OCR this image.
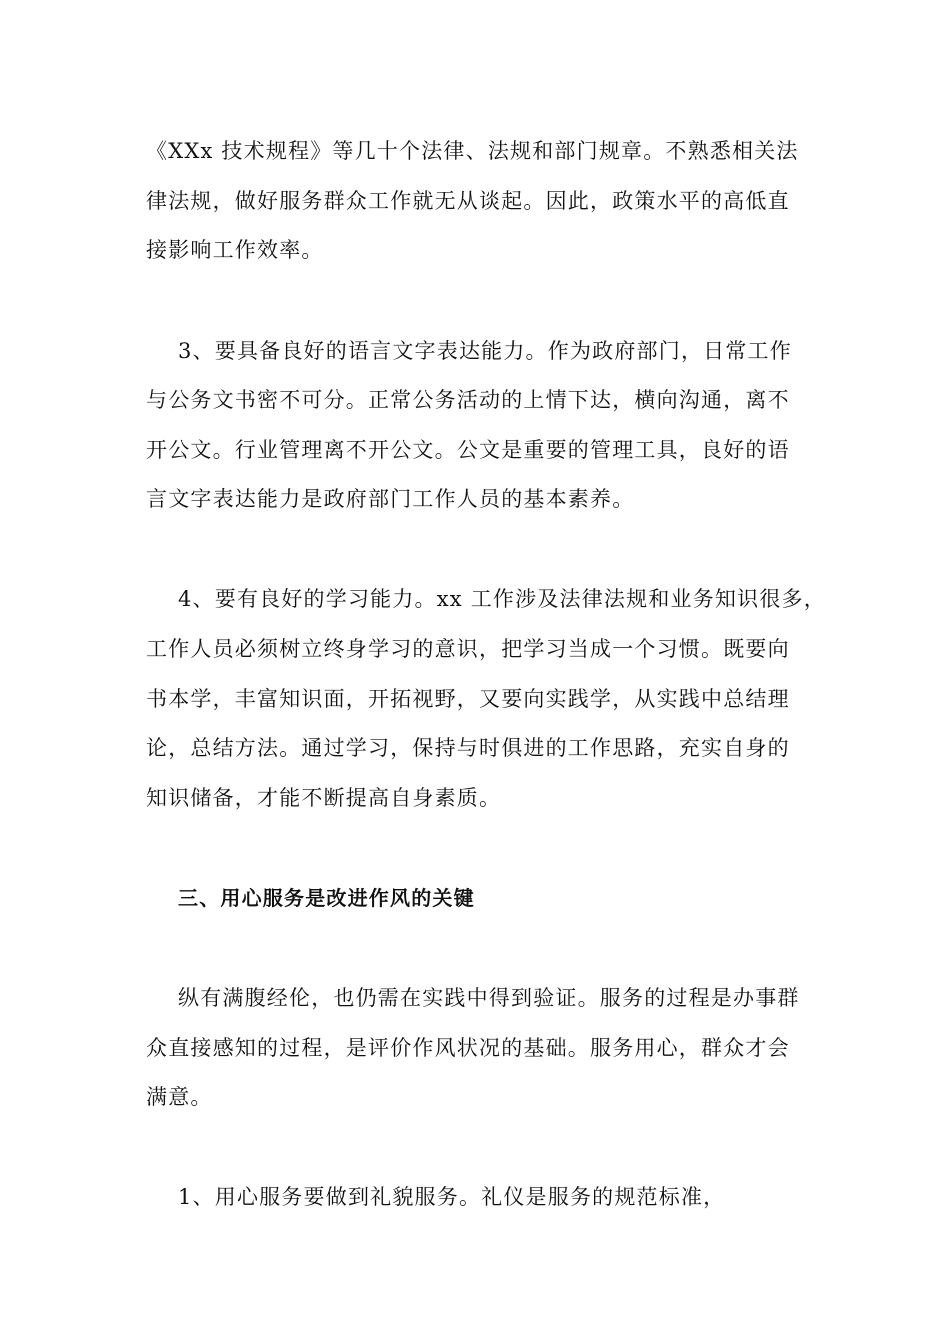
《XXx 技术规程》等几十个法律、法规和部门规章。不熟悉相关法
律法规，做好服务群众工作就无从谈起。因此，政策水平的高低直
接影响工作效率。
3、要具备良好的语言文字表达能力。作为政府部门，日常工作
与公务文书密不可分。正常公务活动的上情下达，横向沟通，离不
开公文。行业管理离不开公文。公文是重要的管理工具，良好的语
言文字表达能力是政府部门工作人员的基本素养。
4、要有良好的学习能力。xx 工作涉及法律法规和业务知识很多，
工作人员必须树立终身学习的意识，把学习当成一个习惯。既要向
书本学，丰富知识面，开拓视野，又要向实践学，从实践中总结理
论，总结方法。通过学习，保持与时俱进的工作思路，充实自身的
知识储备，才能不断提高自身素质。
三、用心服务是改进作风的关键
纵有满腹经伦，也仍需在实践中得到验证。服务的过程是办事群
众直接感知的过程，是评价作风状况的基础。服务用心，群众才会
满意。
1、用心服务要做到礼貌服务。礼仪是服务的规范标准，
